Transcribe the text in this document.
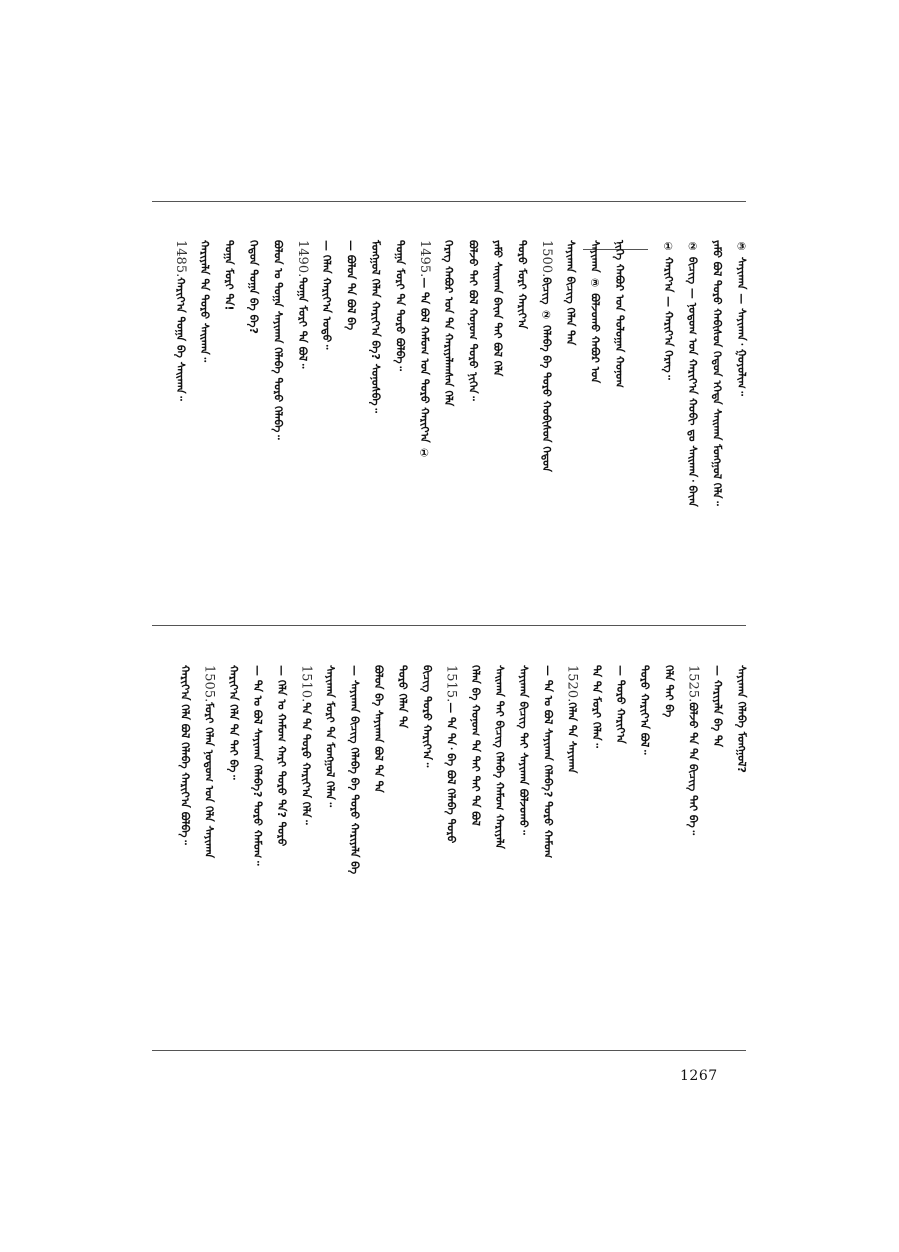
③ ᠰᠠᠶᠢᠬᠠᠨ — ᠰᠠᠶᠢᠬᠠᠨ᠂ ᠭᠣᠶᠣᠯᠢᠭ᠃
ᠶᠠᠮᠤ ᠪᠣᠯ ᠳᠣᠷᠣ ᠬᠠᠪᠢᠰᠤᠨ ᠬᠡᠳᠦᠨ ᠡᠭᠡᠳᠡ ᠰᠠᠢᠬᠠᠨ ᠮᠣᠩᠭᠣᠯ ᠬᠡᠯᠡ᠃
② ᠪᠢᠴᠢᠭ — ᠨᠤᠲᠤᠭ ᠤᠨ ᠬᠠᠷᠢᠶ᠎ᠠ ᠬᠤᠪᠢ ᠳᠤ ᠰᠠᠢᠬᠠᠨ᠂ ᠪᠠᠶ᠋ᠠᠨ
① ᠬᠠᠷᠢᠶ᠎ᠠ — ᠬᠠᠷᠢᠶ᠎ᠠ ᠬᠡᠷᠡᠭ᠃
ᠨᠢᠭᠡ ᠬᠠᠪᠤᠷ ᠤᠨ ᠳᠣᠯᠣᠭᠠᠨ ᠬᠣᠨᠤᠭ
ᠰᠠᠶᠢᠬᠠᠨ ③ ᠪᠣᠯᠵᠣᠬᠤ ᠬᠠᠪᠤᠷ ᠤᠨ
ᠰᠠᠶᠢᠬᠠᠨ ᠪᠢᠴᠢᠭ ᠬᠡᠯᠡᠨ ᠲᠠᠨ
1500.ᠪᠢᠴᠢᠭ ② ᠬᠡᠯᠡᠪᠡ ᠪᠠ ᠳᠣᠷᠣ ᠬᠤᠪᠢᠰᠤᠨ ᠬᠡᠳᠦᠨ
ᠳᠣᠷᠣ ᠮᠣᠷᠢ ᠬᠠᠷᠢᠶ᠎ᠠ
ᠶᠠᠮᠤ ᠰᠠᠢᠬᠠᠨ ᠪᠠᠶ᠋ᠠᠨ ᠲᠠᠶ ᠪᠣᠯ ᠬᠡᠯᠡ
ᠪᠣᠯᠵᠣ ᠲᠠᠶ ᠪᠣᠯ ᠬᠣᠨᠤᠭ ᠳᠣᠷᠣ ᠨᠢᠭᠡᠨ᠃
ᠬᠡᠷᠡᠭ ᠬᠠᠪᠤᠷ ᠤᠨ ᠲᠠ ᠬᠠᠷᠢᠶᠠᠯᠠᠭᠰᠠᠨ ᠬᠡᠯᠡ
1495.— ᠲᠠ ᠪᠣᠯ ᠬᠠᠮᠤᠭ ᠤᠨ ᠳᠣᠷᠣ ᠬᠠᠷᠢᠶ᠎ᠠ ①
ᠲᠣᠭᠠ ᠮᠣᠷᠢ ᠲᠠ ᠳᠣᠷᠣ ᠪᠣᠯᠪᠠ᠃
ᠮᠣᠩᠭᠣᠯ ᠬᠡᠯᠡᠨ ᠬᠠᠷᠢᠶ᠎ᠠ ᠪᠠ? ᠰᠣᠨᠣᠰᠪᠠ᠃
— ᠪᠣᠯᠣᠨ ᠲᠠ ᠪᠣᠯ ᠪᠠ
— ᠬᠡᠯᠡᠨ ᠬᠠᠷᠢᠶ᠎ᠠ ᠣᠳᠣ᠃
1490.ᠲᠣᠭᠠ ᠮᠣᠷᠢ ᠲᠠ ᠪᠣᠯ᠃
ᠪᠣᠯᠣᠨ ᠤ ᠲᠣᠭᠠ ᠰᠠᠶᠢᠬᠠᠨ ᠬᠡᠯᠡᠪᠡ ᠳᠣᠷᠣ ᠬᠡᠯᠡᠪᠡ᠃
ᠬᠡᠳᠦᠨ ᠲᠣᠭᠠ ᠪᠠ ᠪᠠ?
ᠲᠣᠭᠠ ᠮᠣᠷᠢ ᠲᠠ!
ᠬᠠᠷᠢᠶᠠᠯᠠ ᠲᠠ ᠳᠣᠷᠣ ᠰᠠᠢᠬᠠᠨ᠃
1485.ᠬᠠᠷᠢᠶ᠎ᠠ ᠲᠣᠭᠠ ᠪᠠ ᠰᠠᠢᠬᠠᠨ᠃
ᠰᠠᠶᠢᠬᠠᠨ ᠬᠡᠯᠡᠪᠡ ᠮᠣᠩᠭᠣᠯ?
— ᠬᠠᠷᠢᠶᠠᠯᠠ ᠪᠠ ᠲᠠ
1525.ᠪᠣᠯᠵᠣ ᠲᠠ ᠲᠠ ᠪᠢᠴᠢᠭ ᠲᠠᠶ ᠪᠠ᠃
ᠬᠡᠯᠡ ᠲᠠᠶ ᠪᠠ
ᠳᠣᠷᠣ ᠬᠠᠷᠢᠶ᠎ᠠ ᠪᠣᠯ᠃
— ᠳᠣᠷᠣ ᠬᠠᠷᠢᠶ᠎ᠠ
ᠲᠠ ᠲᠠ ᠮᠣᠷᠢ ᠬᠡᠯᠡᠨ᠃
1520.ᠬᠡᠯᠡᠨ ᠲᠠ ᠰᠠᠶᠢᠬᠠᠨ
— ᠲᠠ ᠤ ᠪᠣᠯ ᠰᠠᠶᠢᠬᠠᠨ ᠬᠡᠯᠡᠪᠡ? ᠳᠣᠷᠣ ᠬᠠᠮᠤᠭ
ᠰᠠᠶᠢᠬᠠᠨ ᠪᠢᠴᠢᠭ ᠲᠠᠶ ᠰᠠᠶᠢᠬᠠᠨ ᠪᠣᠯᠵᠣᠬᠤ᠃
ᠰᠠᠢᠬᠠᠨ ᠲᠠᠶ ᠪᠢᠴᠢᠭ ᠬᠡᠯᠡᠪᠡ ᠬᠠᠮᠤᠭ ᠬᠠᠷᠢᠶᠠᠯᠠ
ᠬᠡᠯᠡᠨ ᠪᠠ ᠬᠣᠨᠤᠭ ᠲᠠ ᠲᠠᠶ ᠲᠠᠶ ᠲᠠ ᠪᠣᠯ
1515.— ᠲᠠ ᠲᠠ᠂ ᠪᠠ ᠪᠣᠯ ᠬᠡᠯᠡᠪᠡ ᠳᠣᠷᠣ
ᠪᠢᠴᠢᠭ ᠳᠣᠷᠣ ᠬᠠᠷᠢᠶ᠎ᠠ᠃
ᠳᠣᠷᠣ ᠬᠡᠯᠡᠨ ᠲᠠ
ᠪᠣᠯᠣᠨ ᠪᠠ ᠰᠠᠶᠢᠬᠠᠨ ᠪᠣᠯ ᠲᠠ ᠲᠠ
— ᠰᠠᠶᠢᠬᠠᠨ ᠪᠢᠴᠢᠭ ᠬᠡᠯᠡᠪᠡ ᠪᠠ ᠳᠣᠷᠣ ᠬᠠᠷᠢᠶᠠᠯᠠ ᠪᠠ
ᠰᠠᠶᠢᠬᠠᠨ ᠮᠣᠷᠢ ᠲᠠ ᠮᠣᠩᠭᠣᠯ ᠬᠡᠯᠡᠨ᠃
1510.ᠲᠠ ᠲᠠ ᠳᠣᠷᠣ ᠬᠠᠷᠢᠶ᠎ᠠ ᠬᠡᠯᠡ᠃
— ᠬᠡᠯᠡ ᠤ ᠬᠠᠮᠤᠭ ᠬᠠᠷᠢ ᠳᠣᠷᠣ ᠲᠠ? ᠳᠣᠷᠣ
— ᠲᠠ ᠤ ᠪᠣᠯ ᠰᠠᠶᠢᠬᠠᠨ ᠬᠡᠯᠡᠪᠡ? ᠳᠣᠷᠣ ᠬᠠᠮᠤᠭ᠃
ᠬᠠᠷᠢᠶ᠎ᠠ ᠬᠡᠯᠡ ᠲᠠ ᠲᠠᠶ ᠪᠠ᠃
1505.ᠮᠣᠷᠢ ᠬᠡᠯᠡᠨ ᠨᠤᠲᠤᠭ ᠤᠨ ᠬᠡᠯᠡ ᠰᠠᠶᠢᠬᠠᠨ
ᠬᠠᠷᠢᠶ᠎ᠠ ᠬᠡᠯᠡ ᠪᠣᠯ ᠬᠡᠯᠡᠪᠡ ᠬᠠᠷᠢᠶ᠎ᠠ ᠪᠣᠯᠪᠠ᠃
1267
